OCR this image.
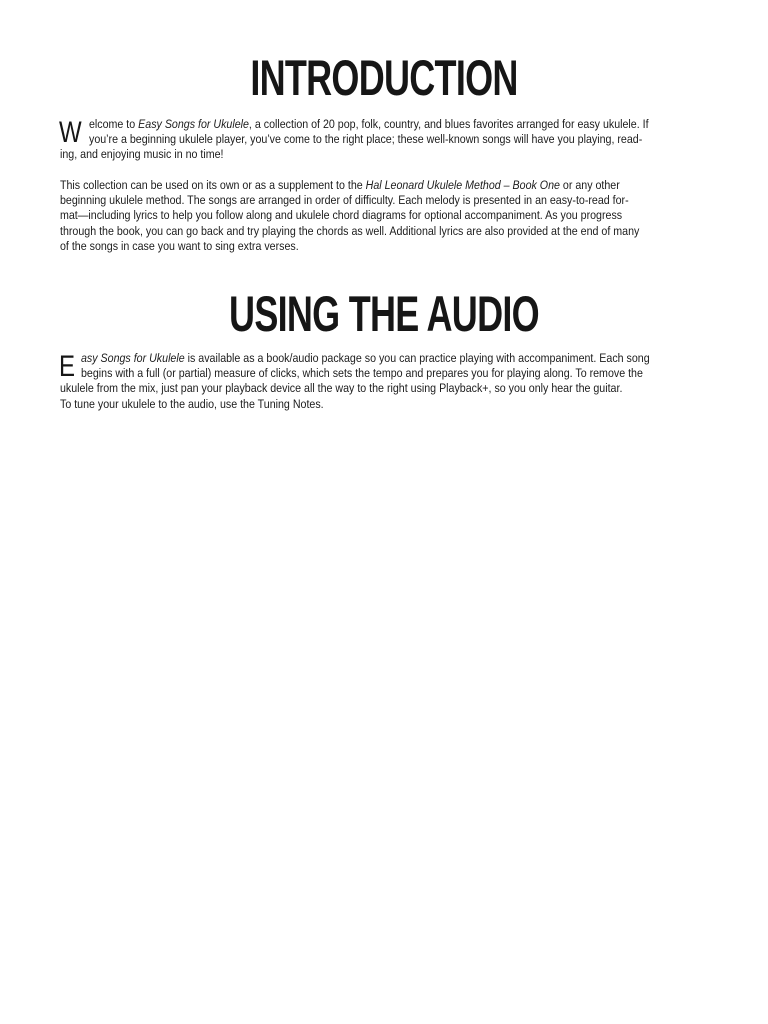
INTRODUCTION
W elcome to Easy Songs for Ukulele, a collection of 20 pop, folk, country, and blues favorites arranged for easy ukulele. If
you’re a beginning ukulele player, you’ve come to the right place; these well-known songs will have you playing, read-
ing, and enjoying music in no time!
This collection can be used on its own or as a supplement to the Hal Leonard Ukulele Method – Book One or any other
beginning ukulele method. The songs are arranged in order of difficulty. Each melody is presented in an easy-to-read for-
mat—including lyrics to help you follow along and ukulele chord diagrams for optional accompaniment. As you progress
through the book, you can go back and try playing the chords as well. Additional lyrics are also provided at the end of many
of the songs in case you want to sing extra verses.
USING THE AUDIO
E asy Songs for Ukulele is available as a book/audio package so you can practice playing with accompaniment. Each song
begins with a full (or partial) measure of clicks, which sets the tempo and prepares you for playing along. To remove the
ukulele from the mix, just pan your playback device all the way to the right using Playback+, so you only hear the guitar.
To tune your ukulele to the audio, use the Tuning Notes.
